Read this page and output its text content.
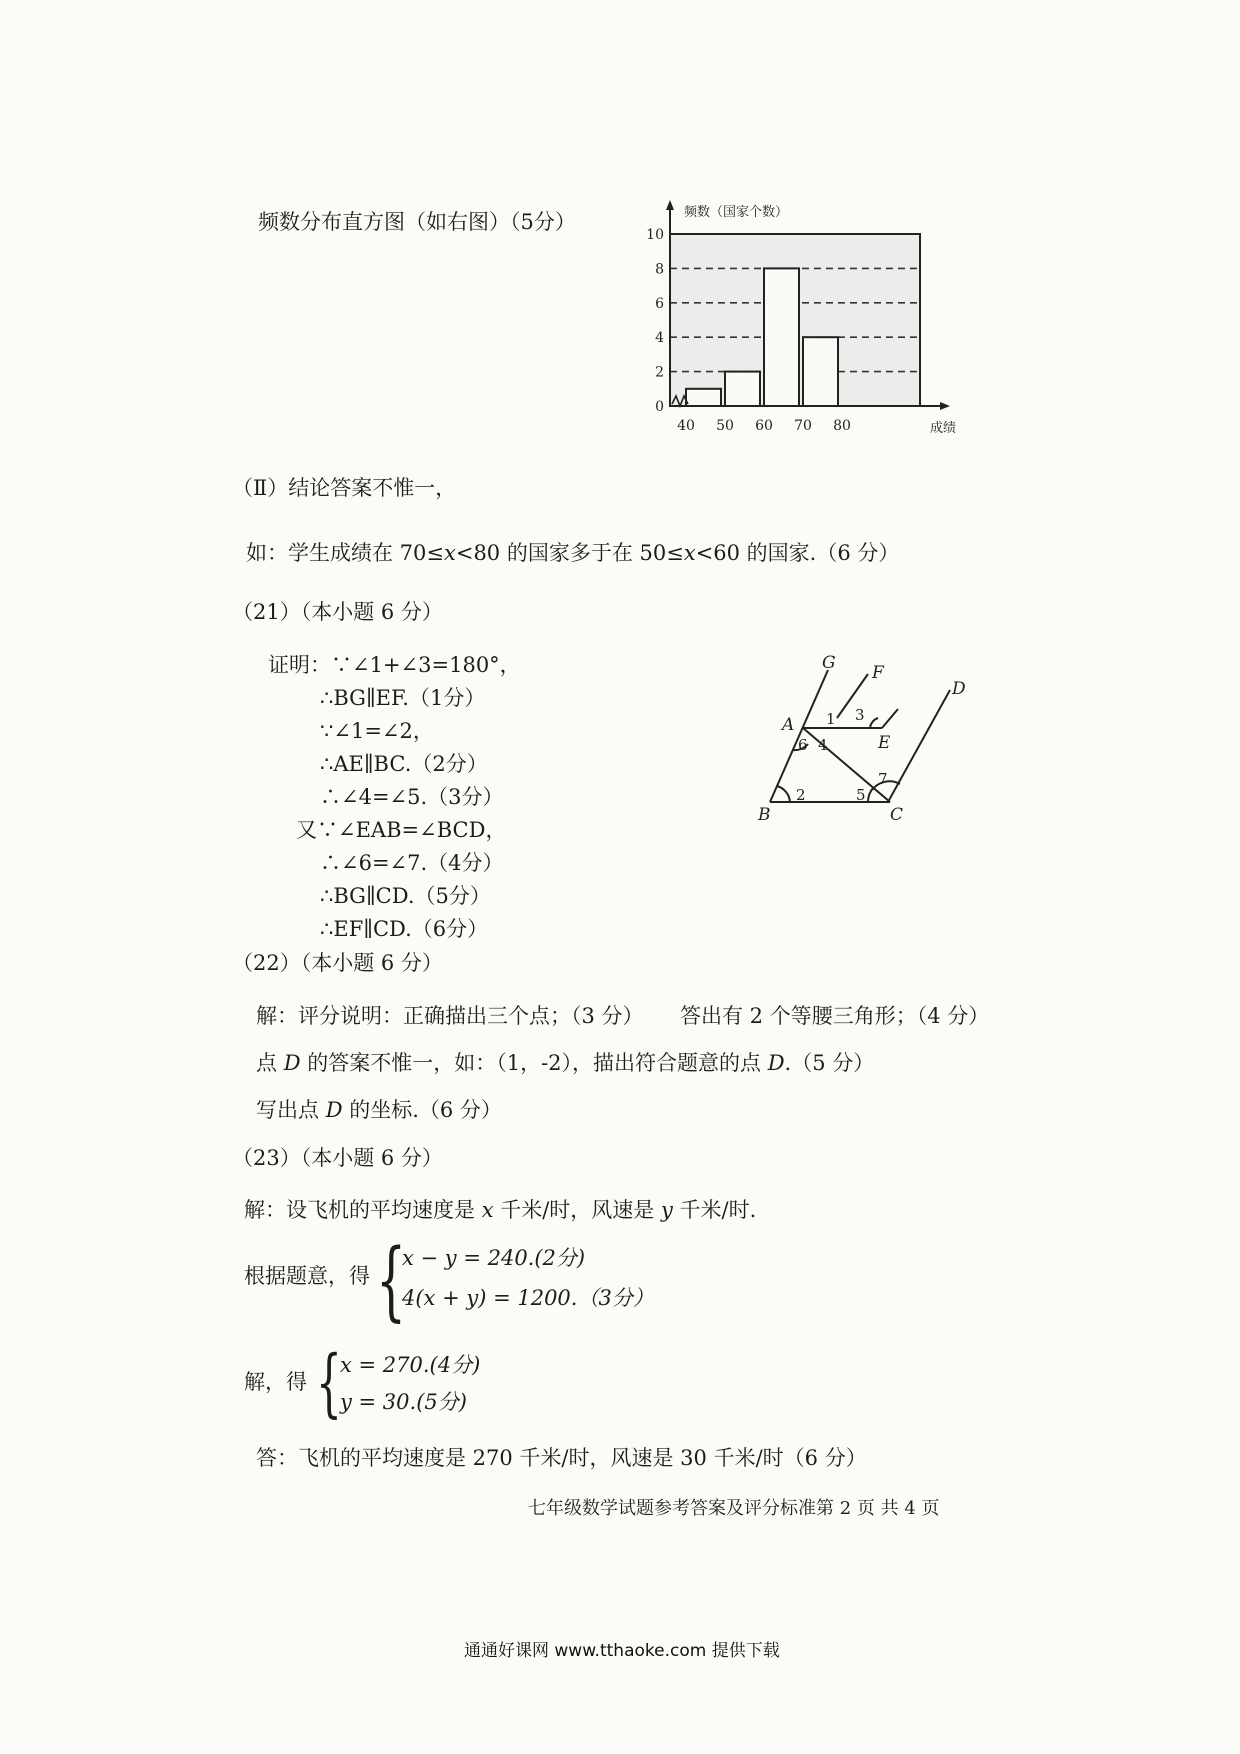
频数分布直方图（如右图）（5分）
0
2
4
6
8
10
40 50 60 70 80
频数（国家个数）
成绩
（Ⅱ）结论答案不惟一，
如：学生成绩在 70≤x<80 的国家多于在 50≤x<60 的国家.（6 分）
（21）（本小题 6 分）
证明：∵∠1+∠3=180°，
∴BG∥EF.（1分）
∵∠1=∠2，
∴AE∥BC.（2分）
∴∠4=∠5.（3分）
又∵∠EAB=∠BCD，
∴∠6=∠7.（4分）
∴BG∥CD.（5分）
∴EF∥CD.（6分）
G F
D
A
E
B	C
1 3
6 4
7
2	5
（22）（本小题 6 分）
解：评分说明：正确描出三个点；（3 分） 答出有 2 个等腰三角形；（4 分）
点 D 的答案不惟一，如：（1，-2），描出符合题意的点 D.（5 分）
写出点 D 的坐标.（6 分）
（23）（本小题 6 分）
解：设飞机的平均速度是 x 千米/时，风速是 y 千米/时.
根据题意，得 {
x − y = 240.(2分)
4(x + y) = 1200.（3分）
解，得 {
x = 270.(4分)
y = 30.(5分)
答：飞机的平均速度是 270 千米/时，风速是 30 千米/时（6 分）
七年级数学试题参考答案及评分标准第 2 页 共 4 页
通通好课网 www.tthaoke.com 提供下载
